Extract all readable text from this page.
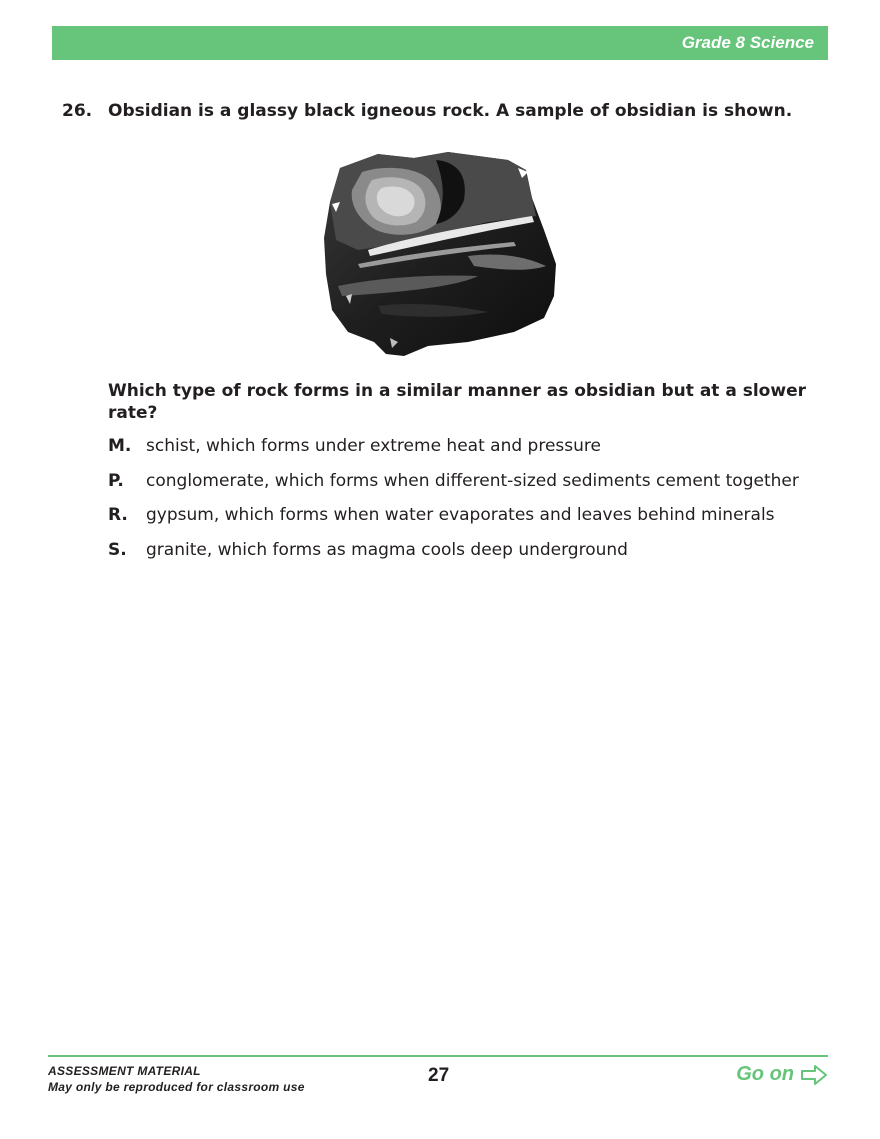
Grade 8 Science
26. Obsidian is a glassy black igneous rock. A sample of obsidian is shown.
Which type of rock forms in a similar manner as obsidian but at a slower rate?
M. schist, which forms under extreme heat and pressure
P. conglomerate, which forms when different-sized sediments cement together
R. gypsum, which forms when water evaporates and leaves behind minerals
S. granite, which forms as magma cools deep underground
ASSESSMENT MATERIAL
May only be reproduced for classroom use
27	Go on
